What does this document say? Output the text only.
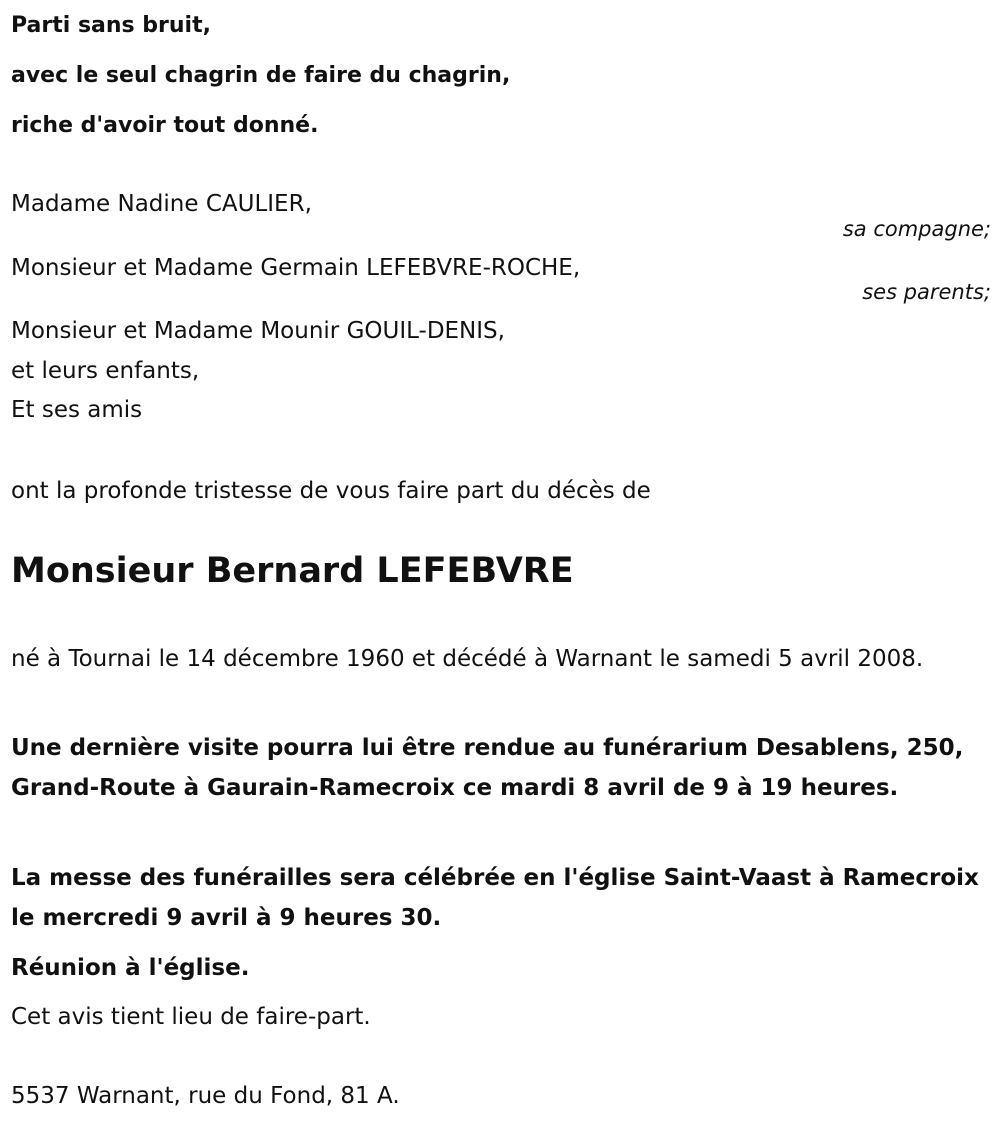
Parti sans bruit,
avec le seul chagrin de faire du chagrin,
riche d'avoir tout donné.
Madame Nadine CAULIER,
sa compagne;
Monsieur et Madame Germain LEFEBVRE-ROCHE,
ses parents;
Monsieur et Madame Mounir GOUIL-DENIS,
et leurs enfants,
Et ses amis
ont la profonde tristesse de vous faire part du décès de
Monsieur Bernard LEFEBVRE
né à Tournai le 14 décembre 1960 et décédé à Warnant le samedi 5 avril 2008.
Une dernière visite pourra lui être rendue au funérarium Desablens, 250, Grand-Route à Gaurain-Ramecroix ce mardi 8 avril de 9 à 19 heures.
La messe des funérailles sera célébrée en l'église Saint-Vaast à Ramecroix le mercredi 9 avril à 9 heures 30.
Réunion à l'église.
Cet avis tient lieu de faire-part.
5537 Warnant, rue du Fond, 81 A.
